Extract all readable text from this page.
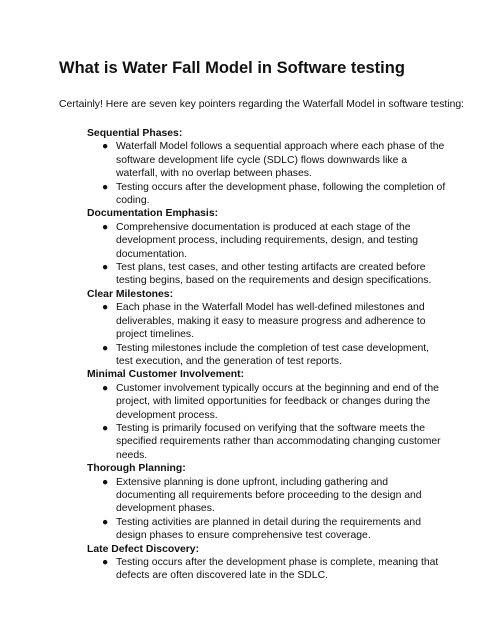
What is Water Fall Model in Software testing

Certainly! Here are seven key pointers regarding the Waterfall Model in software testing:

Sequential Phases:

● Waterfall Model follows a sequential approach where each phase of the software development life cycle (SDLC) flows downwards like a waterfall, with no overlap between phases.
● Testing occurs after the development phase, following the completion of coding.

Documentation Emphasis:

● Comprehensive documentation is produced at each stage of the development process, including requirements, design, and testing documentation.
● Test plans, test cases, and other testing artifacts are created before testing begins, based on the requirements and design specifications.

Clear Milestones:

● Each phase in the Waterfall Model has well-defined milestones and deliverables, making it easy to measure progress and adherence to project timelines.
● Testing milestones include the completion of test case development, test execution, and the generation of test reports.

Minimal Customer Involvement:

● Customer involvement typically occurs at the beginning and end of the project, with limited opportunities for feedback or changes during the development process.
● Testing is primarily focused on verifying that the software meets the specified requirements rather than accommodating changing customer needs.

Thorough Planning:

● Extensive planning is done upfront, including gathering and documenting all requirements before proceeding to the design and development phases.
● Testing activities are planned in detail during the requirements and design phases to ensure comprehensive test coverage.

Late Defect Discovery:

● Testing occurs after the development phase is complete, meaning that defects are often discovered late in the SDLC.
